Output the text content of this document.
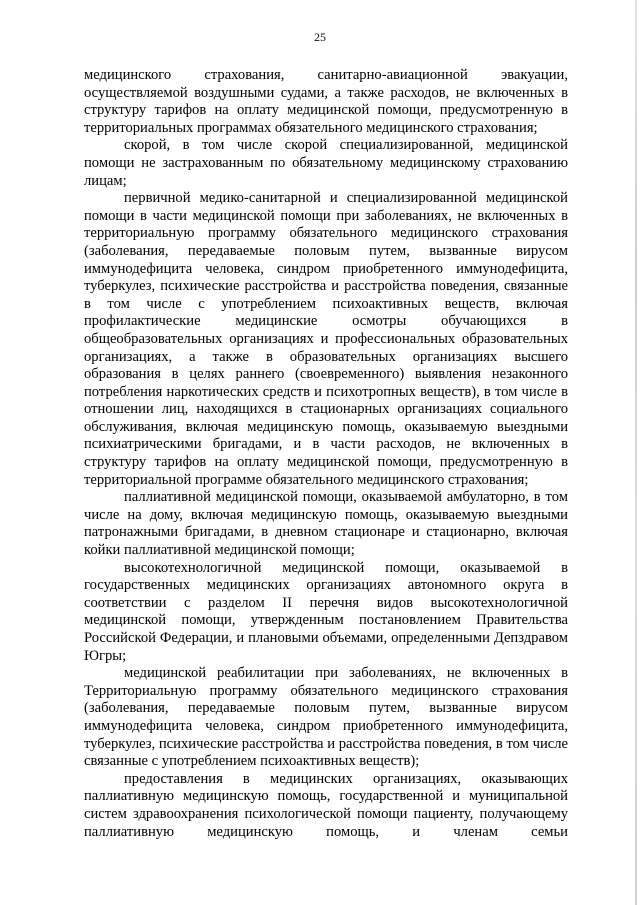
25

медицинского страхования, санитарно-авиационной эвакуации, осуществляемой воздушными судами, а также расходов, не включенных в структуру тарифов на оплату медицинской помощи, предусмотренную в территориальных программах обязательного медицинского страхования;

скорой, в том числе скорой специализированной, медицинской помощи не застрахованным по обязательному медицинскому страхованию лицам;

первичной медико-санитарной и специализированной медицинской помощи в части медицинской помощи при заболеваниях, не включенных в территориальную программу обязательного медицинского страхования (заболевания, передаваемые половым путем, вызванные вирусом иммунодефицита человека, синдром приобретенного иммунодефицита, туберкулез, психические расстройства и расстройства поведения, связанные в том числе с употреблением психоактивных веществ, включая профилактические медицинские осмотры обучающихся в общеобразовательных организациях и профессиональных образовательных организациях, а также в образовательных организациях высшего образования в целях раннего (своевременного) выявления незаконного потребления наркотических средств и психотропных веществ), в том числе в отношении лиц, находящихся в стационарных организациях социального обслуживания, включая медицинскую помощь, оказываемую выездными психиатрическими бригадами, и в части расходов, не включенных в структуру тарифов на оплату медицинской помощи, предусмотренную в территориальной программе обязательного медицинского страхования;

паллиативной медицинской помощи, оказываемой амбулаторно, в том числе на дому, включая медицинскую помощь, оказываемую выездными патронажными бригадами, в дневном стационаре и стационарно, включая койки паллиативной медицинской помощи;

высокотехнологичной медицинской помощи, оказываемой в государственных медицинских организациях автономного округа в соответствии с разделом II перечня видов высокотехнологичной медицинской помощи, утвержденным постановлением Правительства Российской Федерации, и плановыми объемами, определенными Депздравом Югры;

медицинской реабилитации при заболеваниях, не включенных в Территориальную программу обязательного медицинского страхования (заболевания, передаваемые половым путем, вызванные вирусом иммунодефицита человека, синдром приобретенного иммунодефицита, туберкулез, психические расстройства и расстройства поведения, в том числе связанные с употреблением психоактивных веществ);

предоставления в медицинских организациях, оказывающих паллиативную медицинскую помощь, государственной и муниципальной систем здравоохранения психологической помощи пациенту, получающему паллиативную медицинскую помощь, и членам семьи
